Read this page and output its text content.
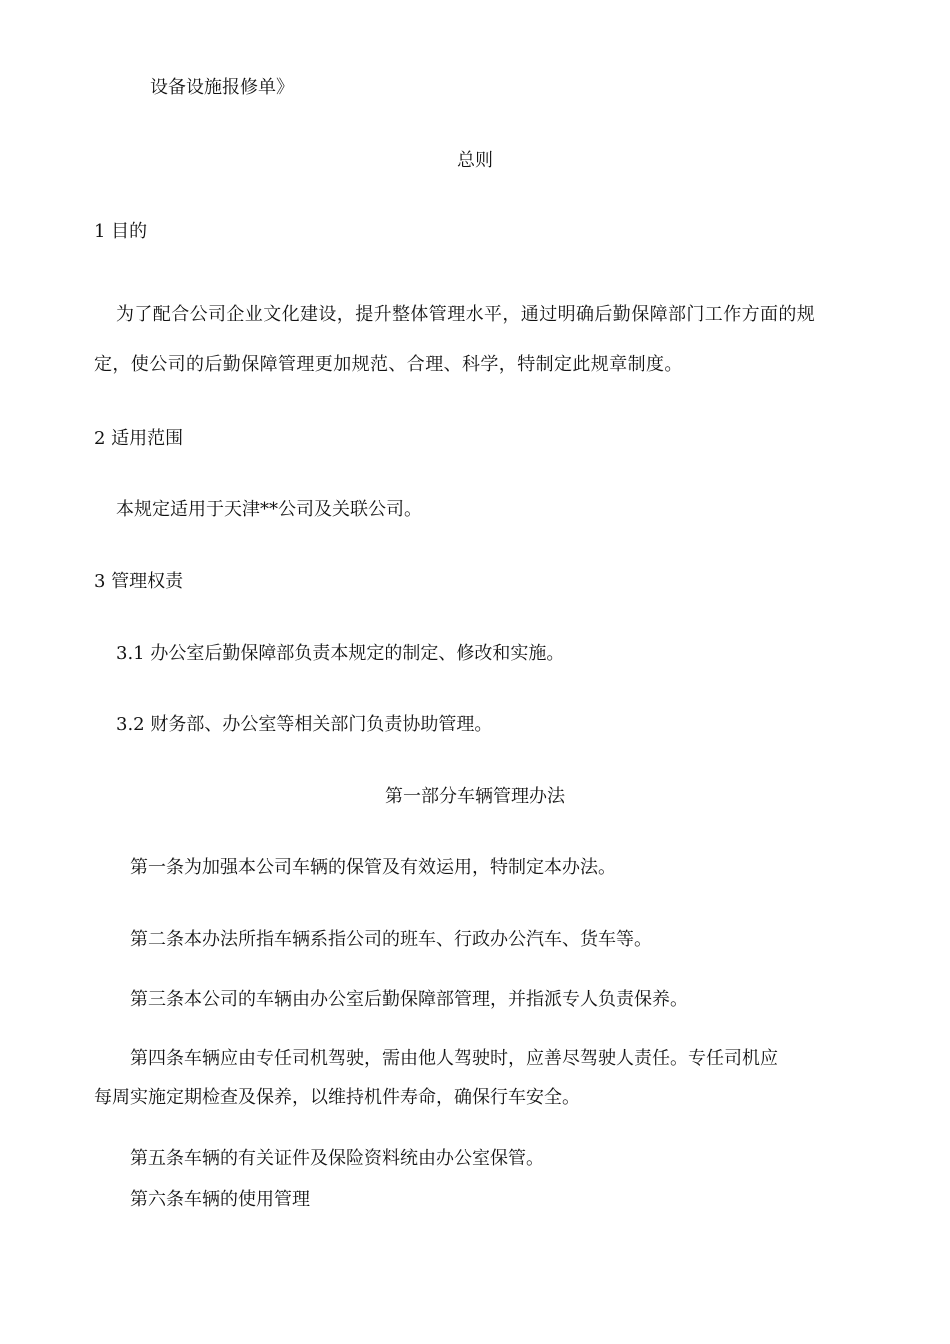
设备设施报修单》

总则

1 目的

为了配合公司企业文化建设，提升整体管理水平，通过明确后勤保障部门工作方面的规

定，使公司的后勤保障管理更加规范、合理、科学，特制定此规章制度。

2 适用范围

本规定适用于天津**公司及关联公司。

3 管理权责

3.1 办公室后勤保障部负责本规定的制定、修改和实施。

3.2 财务部、办公室等相关部门负责协助管理。

第一部分车辆管理办法

第一条为加强本公司车辆的保管及有效运用，特制定本办法。

第二条本办法所指车辆系指公司的班车、行政办公汽车、货车等。

第三条本公司的车辆由办公室后勤保障部管理，并指派专人负责保养。

第四条车辆应由专任司机驾驶，需由他人驾驶时，应善尽驾驶人责任。专任司机应

每周实施定期检查及保养，以维持机件寿命，确保行车安全。

第五条车辆的有关证件及保险资料统由办公室保管。

第六条车辆的使用管理
